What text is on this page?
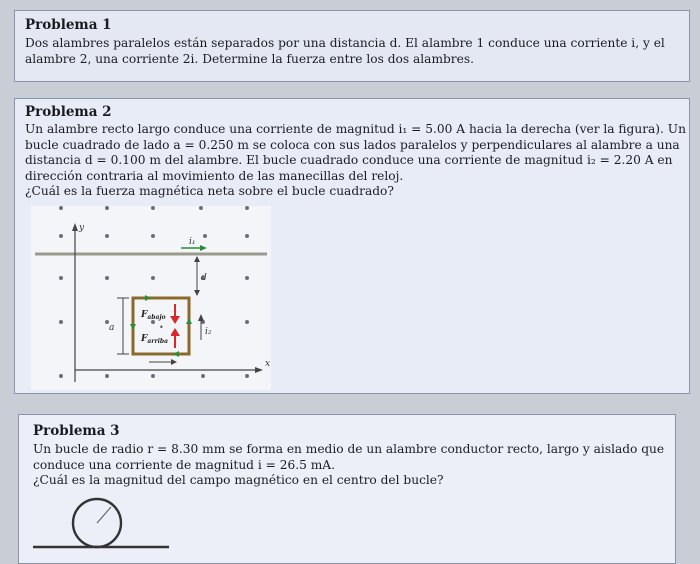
Problema 1
Dos alambres paralelos están separados por una distancia d. El alambre 1 conduce una corriente i, y el
alambre 2, una corriente 2i. Determine la fuerza entre los dos alambres.
Problema 2
Un alambre recto largo conduce una corriente de magnitud i₁ = 5.00 A hacia la derecha (ver la figura). Un
bucle cuadrado de lado a = 0.250 m se coloca con sus lados paralelos y perpendiculares al alambre a una
distancia d = 0.100 m del alambre. El bucle cuadrado conduce una corriente de magnitud i₂ = 2.20 A en
dirección contraria al movimiento de las manecillas del reloj.
¿Cuál es la fuerza magnética neta sobre el bucle cuadrado?
y
x
i₁
d
a
$F_{abajo}$
$F_{arriba}$
•	i₂
Problema 3
Un bucle de radio r = 8.30 mm se forma en medio de un alambre conductor recto, largo y aislado que
conduce una corriente de magnitud i = 26.5 mA.
¿Cuál es la magnitud del campo magnético en el centro del bucle?
